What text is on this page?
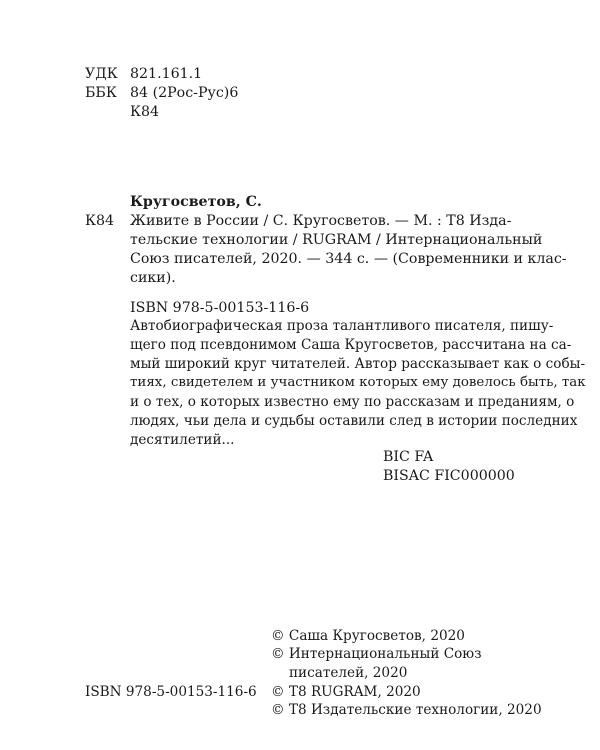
УДК 821.161.1
ББК 84 (2Рос-Рус)6
К84
Кругосветов, С.
К84 Живите в России / С. Кругосветов. — М. : Т8 Изда-
тельские технологии / RUGRAM / Интернациональный
Союз писателей, 2020. — 344 с. — (Современники и клас-
сики).
ISBN 978-5-00153-116-6
Автобиографическая проза талантливого писателя, пишу-
щего под псевдонимом Саша Кругосветов, рассчитана на са-
мый широкий круг читателей. Автор рассказывает как о собы-
тиях, свидетелем и участником которых ему довелось быть, так
и о тех, о которых известно ему по рассказам и преданиям, о
людях, чьи дела и судьбы оставили след в истории последних
десятилетий...
BIC FA
BISAC FIC000000
ISBN 978-5-00153-116-6
© Саша Кругосветов, 2020
© Интернациональный Союз
писателей, 2020
© T8 RUGRAM, 2020
© Т8 Издательские технологии, 2020
